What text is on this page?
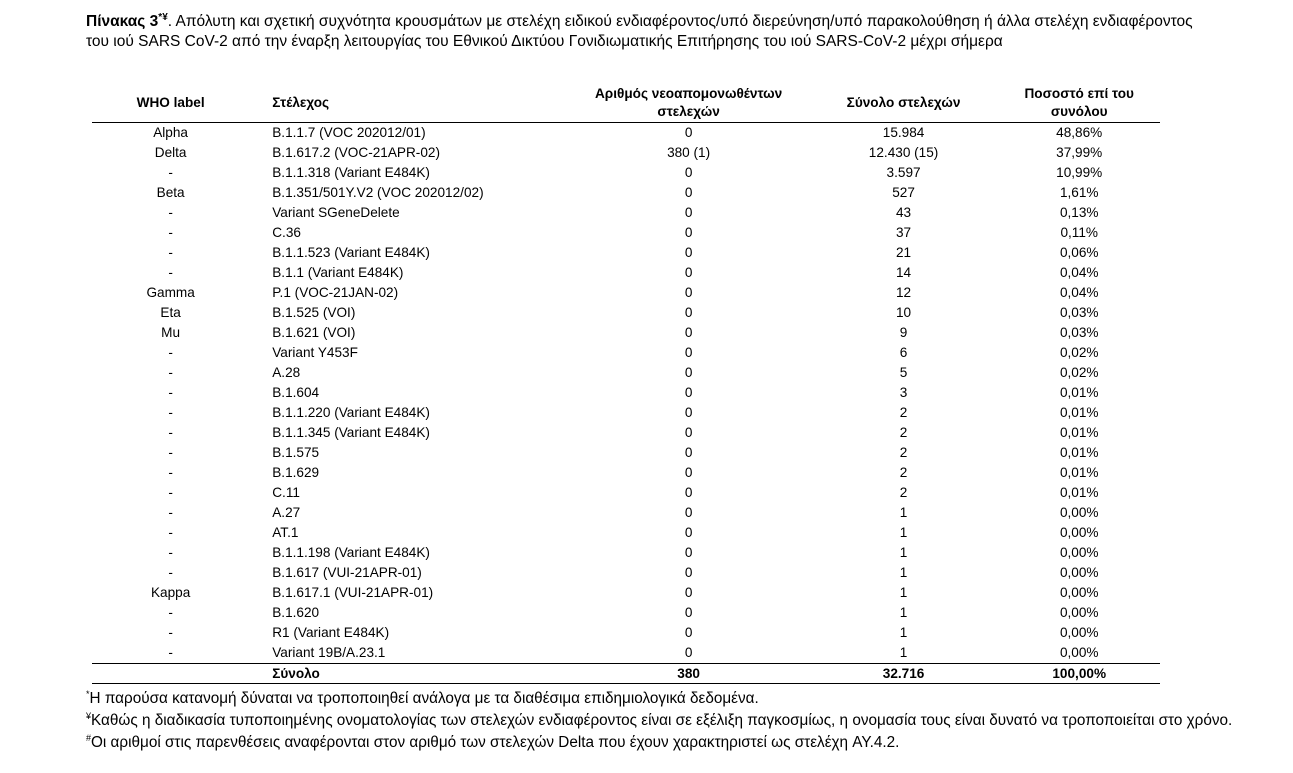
Πίνακας 3*¥. Απόλυτη και σχετική συχνότητα κρουσμάτων με στελέχη ειδικού ενδιαφέροντος/υπό διερεύνηση/υπό παρακολούθηση ή άλλα στελέχη ενδιαφέροντος του ιού SARS CoV-2 από την έναρξη λειτουργίας του Εθνικού Δικτύου Γονιδιωματικής Επιτήρησης του ιού SARS-CoV-2 μέχρι σήμερα
WHO label	Στέλεχος	Αριθμός νεοαπομονωθέντων στελεχών	Σύνολο στελεχών	Ποσοστό επί του συνόλου
Alpha	B.1.1.7 (VOC 202012/01)	0	15.984	48,86%
Delta	B.1.617.2 (VOC-21APR-02)	380 (1)	12.430 (15)	37,99%
-	B.1.1.318 (Variant E484K)	0	3.597	10,99%
Beta	B.1.351/501Y.V2 (VOC 202012/02)	0	527	1,61%
-	Variant SGeneDelete	0	43	0,13%
-	C.36	0	37	0,11%
-	B.1.1.523 (Variant E484K)	0	21	0,06%
-	B.1.1 (Variant E484K)	0	14	0,04%
Gamma	P.1 (VOC-21JAN-02)	0	12	0,04%
Eta	B.1.525 (VOI)	0	10	0,03%
Mu	B.1.621 (VOI)	0	9	0,03%
-	Variant Y453F	0	6	0,02%
-	A.28	0	5	0,02%
-	B.1.604	0	3	0,01%
-	B.1.1.220 (Variant E484K)	0	2	0,01%
-	B.1.1.345 (Variant E484K)	0	2	0,01%
-	B.1.575	0	2	0,01%
-	B.1.629	0	2	0,01%
-	C.11	0	2	0,01%
-	A.27	0	1	0,00%
-	AT.1	0	1	0,00%
-	B.1.1.198 (Variant E484K)	0	1	0,00%
-	B.1.617 (VUI-21APR-01)	0	1	0,00%
Kappa	B.1.617.1 (VUI-21APR-01)	0	1	0,00%
-	B.1.620	0	1	0,00%
-	R1 (Variant E484K)	0	1	0,00%
-	Variant 19B/A.23.1	0	1	0,00%
	Σύνολο	380	32.716	100,00%

*Η παρούσα κατανομή δύναται να τροποποιηθεί ανάλογα με τα διαθέσιμα επιδημιολογικά δεδομένα.

¥Καθώς η διαδικασία τυποποιημένης ονοματολογίας των στελεχών ενδιαφέροντος είναι σε εξέλιξη παγκοσμίως, η ονομασία τους είναι δυνατό να τροποποιείται στο χρόνο.

#Οι αριθμοί στις παρενθέσεις αναφέρονται στον αριθμό των στελεχών Delta που έχουν χαρακτηριστεί ως στελέχη AY.4.2.
